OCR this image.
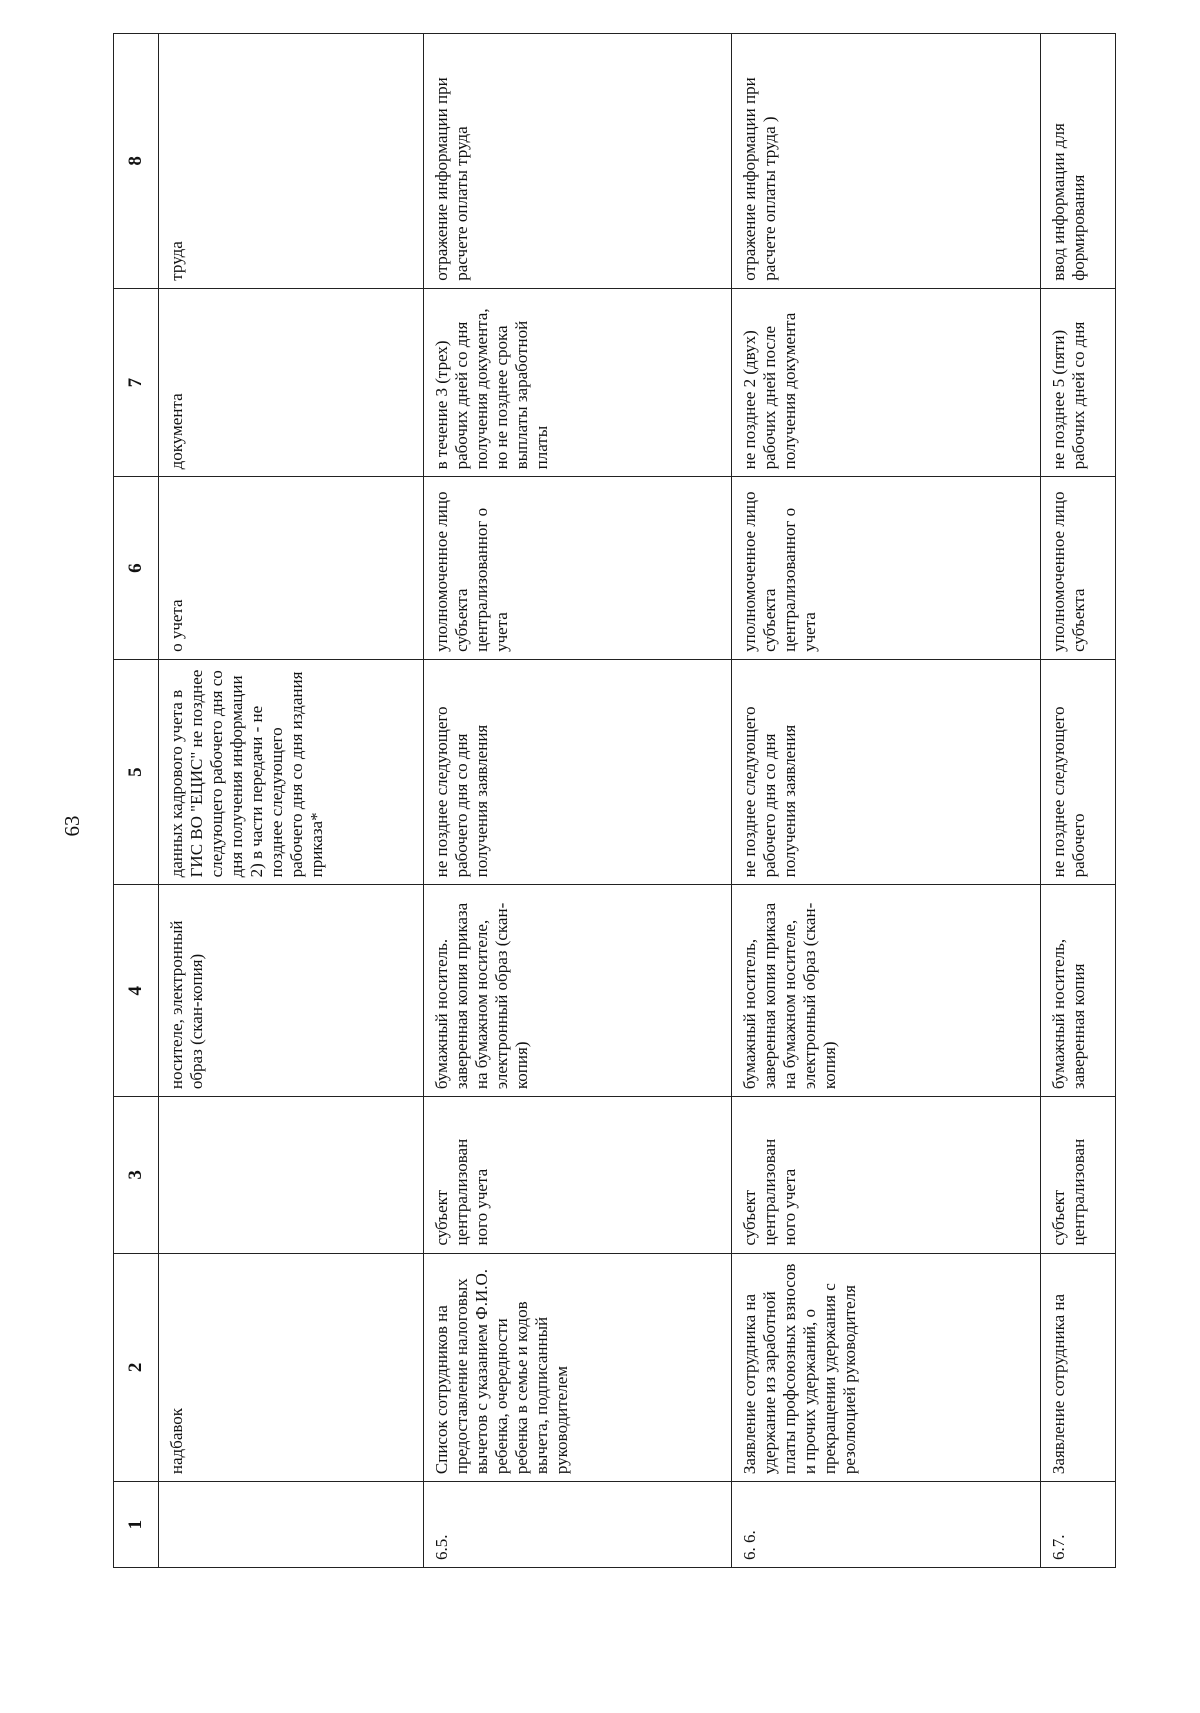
63
1	2	3	4	5	6	7	8
	надбавок		носителе, электронный образ (скан-копия)	данных кадрового учета в ГИС ВО "ЕЦИС" не позднее следующего рабочего дня со дня получения информации 2) в части передачи - не позднее следующего рабочего дня со дня издания приказа*	о учета	документа	труда
6.5.	Список сотрудников на предоставление налоговых вычетов с указанием Ф.И.О. ребенка, очередности ребенка в семье и кодов вычета, подписанный руководителем	субъект централизован ного учета	бумажный носитель. заверенная копия приказа на бумажном носителе, электронный образ (скан-копия)	не позднее следующего рабочего дня со дня получения заявления	уполномоченное лицо субъекта централизованног о учета	в течение 3 (трех) рабочих дней со дня получения документа, но не позднее срока выплаты заработной платы	отражение информации при расчете оплаты труда
6. 6.	Заявление сотрудника на удержание из заработной платы профсоюзных взносов и прочих удержаний, о прекращении удержания с резолюцией руководителя	субъект централизован ного учета	бумажный носитель, заверенная копия приказа на бумажном носителе, электронный образ (скан-копия)	не позднее следующего рабочего дня со дня получения заявления	уполномоченное лицо субъекта централизованног о учета	не позднее 2 (двух) рабочих дней после получения документа	отражение информации при расчете оплаты труда )
6.7.	Заявление сотрудника на	субъект централизован	бумажный носитель, заверенная копия	не позднее следующего рабочего	уполномоченное лицо субъекта	не позднее 5 (пяти) рабочих дней со дня	ввод информации для формирования
